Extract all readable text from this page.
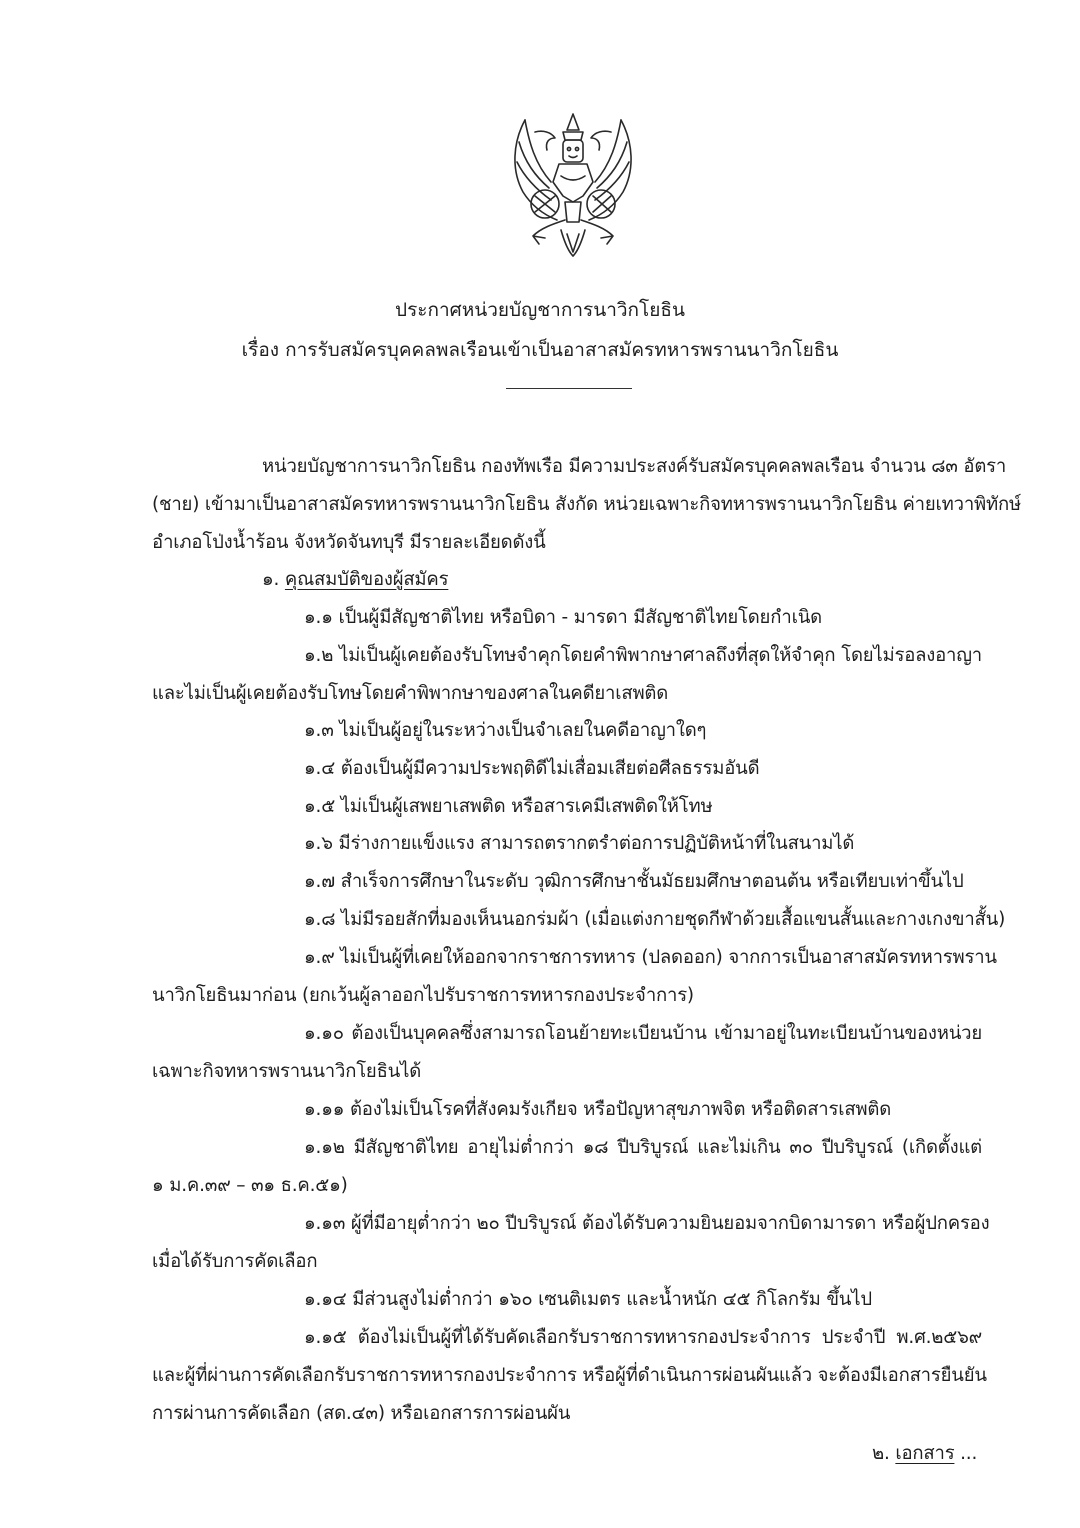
ประกาศหน่วยบัญชาการนาวิกโยธิน
เรื่อง การรับสมัครบุคคลพลเรือนเข้าเป็นอาสาสมัครทหารพรานนาวิกโยธิน
หน่วยบัญชาการนาวิกโยธิน กองทัพเรือ มีความประสงค์รับสมัครบุคคลพลเรือน จำนวน ๘๓ อัตรา
(ชาย) เข้ามาเป็นอาสาสมัครทหารพรานนาวิกโยธิน สังกัด หน่วยเฉพาะกิจทหารพรานนาวิกโยธิน ค่ายเทวาพิทักษ์
อำเภอโป่งน้ำร้อน จังหวัดจันทบุรี มีรายละเอียดดังนี้
๑. คุณสมบัติของผู้สมัคร
๑.๑ เป็นผู้มีสัญชาติไทย หรือบิดา - มารดา มีสัญชาติไทยโดยกำเนิด
๑.๒ ไม่เป็นผู้เคยต้องรับโทษจำคุกโดยคำพิพากษาศาลถึงที่สุดให้จำคุก โดยไม่รอลงอาญา
และไม่เป็นผู้เคยต้องรับโทษโดยคำพิพากษาของศาลในคดียาเสพติด
๑.๓ ไม่เป็นผู้อยู่ในระหว่างเป็นจำเลยในคดีอาญาใดๆ
๑.๔ ต้องเป็นผู้มีความประพฤติดีไม่เสื่อมเสียต่อศีลธรรมอันดี
๑.๕ ไม่เป็นผู้เสพยาเสพติด หรือสารเคมีเสพติดให้โทษ
๑.๖ มีร่างกายแข็งแรง สามารถตรากตรำต่อการปฏิบัติหน้าที่ในสนามได้
๑.๗ สำเร็จการศึกษาในระดับ วุฒิการศึกษาชั้นมัธยมศึกษาตอนต้น หรือเทียบเท่าขึ้นไป
๑.๘ ไม่มีรอยสักที่มองเห็นนอกร่มผ้า (เมื่อแต่งกายชุดกีฬาด้วยเสื้อแขนสั้นและกางเกงขาสั้น)
๑.๙ ไม่เป็นผู้ที่เคยให้ออกจากราชการทหาร (ปลดออก) จากการเป็นอาสาสมัครทหารพราน
นาวิกโยธินมาก่อน (ยกเว้นผู้ลาออกไปรับราชการทหารกองประจำการ)
๑.๑๐ ต้องเป็นบุคคลซึ่งสามารถโอนย้ายทะเบียนบ้าน เข้ามาอยู่ในทะเบียนบ้านของหน่วย
เฉพาะกิจทหารพรานนาวิกโยธินได้
๑.๑๑ ต้องไม่เป็นโรคที่สังคมรังเกียจ หรือปัญหาสุขภาพจิต หรือติดสารเสพติด
๑.๑๒ มีสัญชาติไทย อายุไม่ต่ำกว่า ๑๘ ปีบริบูรณ์ และไม่เกิน ๓๐ ปีบริบูรณ์ (เกิดตั้งแต่
๑ ม.ค.๓๙ – ๓๑ ธ.ค.๕๑)
๑.๑๓ ผู้ที่มีอายุต่ำกว่า ๒๐ ปีบริบูรณ์ ต้องได้รับความยินยอมจากบิดามารดา หรือผู้ปกครอง
เมื่อได้รับการคัดเลือก
๑.๑๔ มีส่วนสูงไม่ต่ำกว่า ๑๖๐ เซนติเมตร และน้ำหนัก ๔๕ กิโลกรัม ขึ้นไป
๑.๑๕ ต้องไม่เป็นผู้ที่ได้รับคัดเลือกรับราชการทหารกองประจำการ ประจำปี พ.ศ.๒๕๖๙
และผู้ที่ผ่านการคัดเลือกรับราชการทหารกองประจำการ หรือผู้ที่ดำเนินการผ่อนผันแล้ว จะต้องมีเอกสารยืนยัน
การผ่านการคัดเลือก (สด.๔๓) หรือเอกสารการผ่อนผัน
๒. เอกสาร ...
